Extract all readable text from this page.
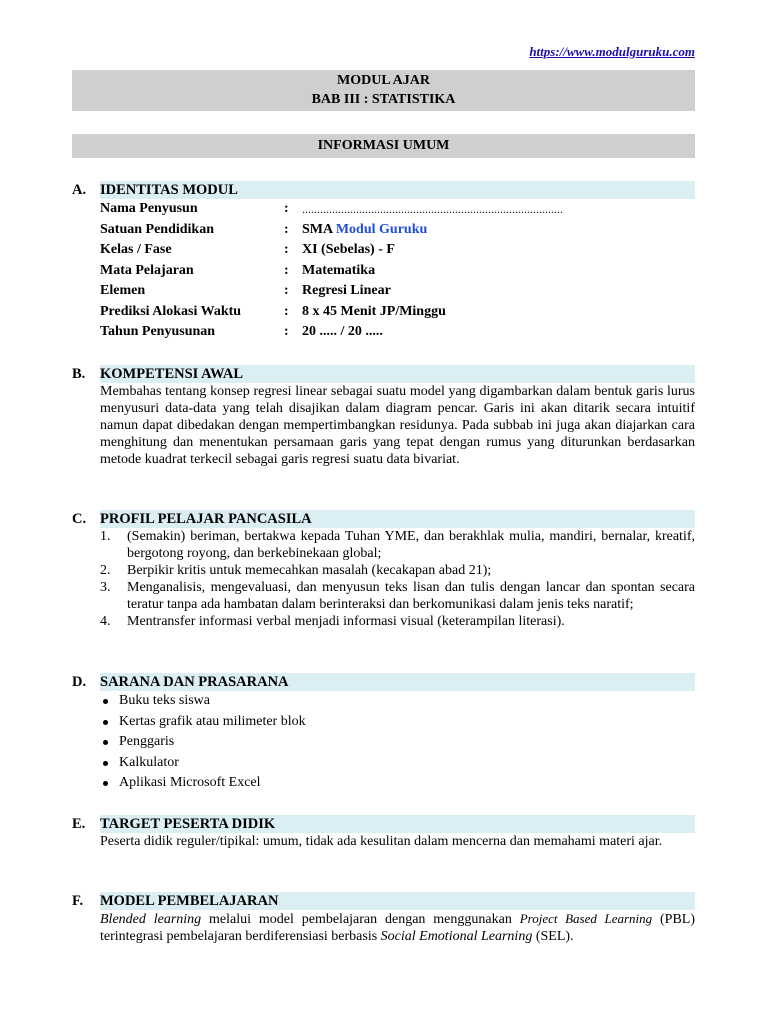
https://www.modulguruku.com
MODUL AJAR
BAB III : STATISTIKA
INFORMASI UMUM
A. IDENTITAS MODUL
Nama Penyusun	: .......................................................................................
Satuan Pendidikan	: SMA Modul Guruku
Kelas / Fase	: XI (Sebelas) - F
Mata Pelajaran	: Matematika
Elemen	: Regresi Linear
Prediksi Alokasi Waktu	: 8 x 45 Menit JP/Minggu
Tahun Penyusunan	: 20 ..... / 20 .....
B. KOMPETENSI AWAL
Membahas tentang konsep regresi linear sebagai suatu model yang digambarkan dalam bentuk garis lurus menyusuri data-data yang telah disajikan dalam diagram pencar. Garis ini akan ditarik secara intuitif namun dapat dibedakan dengan mempertimbangkan residunya. Pada subbab ini juga akan diajarkan cara menghitung dan menentukan persamaan garis yang tepat dengan rumus yang diturunkan berdasarkan metode kuadrat terkecil sebagai garis regresi suatu data bivariat.
C. PROFIL PELAJAR PANCASILA
1. (Semakin) beriman, bertakwa kepada Tuhan YME, dan berakhlak mulia, mandiri, bernalar, kreatif, bergotong royong, dan berkebinekaan global;
2. Berpikir kritis untuk memecahkan masalah (kecakapan abad 21);
3. Menganalisis, mengevaluasi, dan menyusun teks lisan dan tulis dengan lancar dan spontan secara teratur tanpa ada hambatan dalam berinteraksi dan berkomunikasi dalam jenis teks naratif;
4. Mentransfer informasi verbal menjadi informasi visual (keterampilan literasi).
D. SARANA DAN PRASARANA
Buku teks siswa
Kertas grafik atau milimeter blok
Penggaris
Kalkulator
Aplikasi Microsoft Excel
E. TARGET PESERTA DIDIK
Peserta didik reguler/tipikal: umum, tidak ada kesulitan dalam mencerna dan memahami materi ajar.
F. MODEL PEMBELAJARAN
Blended learning melalui model pembelajaran dengan menggunakan Project Based Learning (PBL) terintegrasi pembelajaran berdiferensiasi berbasis Social Emotional Learning (SEL).
